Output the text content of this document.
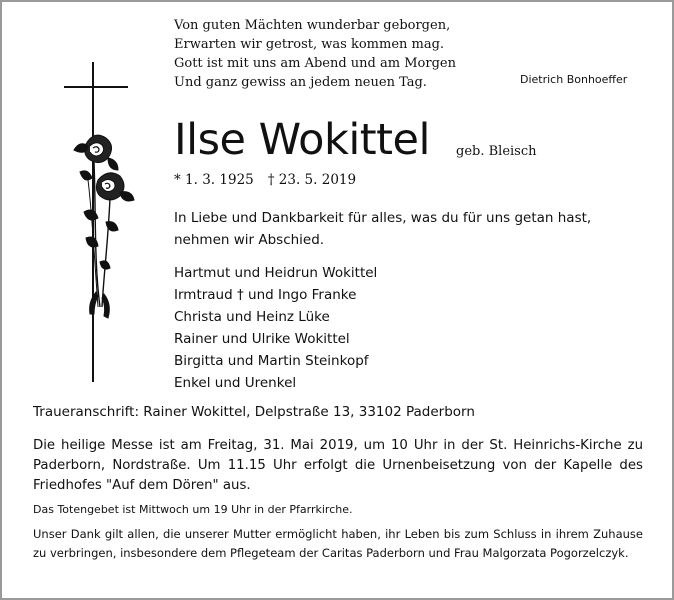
Von guten Mächten wunderbar geborgen,
Erwarten wir getrost, was kommen mag.
Gott ist mit uns am Abend und am Morgen
Und ganz gewiss an jedem neuen Tag.	Dietrich Bonhoeffer
Ilse Wokittel geb. Bleisch
* 1. 3. 1925 † 23. 5. 2019
In Liebe und Dankbarkeit für alles, was du für uns getan hast,
nehmen wir Abschied.
Hartmut und Heidrun Wokittel
Irmtraud † und Ingo Franke
Christa und Heinz Lüke
Rainer und Ulrike Wokittel
Birgitta und Martin Steinkopf
Enkel und Urenkel
Traueranschrift: Rainer Wokittel, Delpstraße 13, 33102 Paderborn
Die heilige Messe ist am Freitag, 31. Mai 2019, um 10 Uhr in der St. Heinrichs-Kirche zu Paderborn, Nordstraße. Um 11.15 Uhr erfolgt die Urnenbeisetzung von der Kapelle des Friedhofes "Auf dem Dören" aus.
Das Totengebet ist Mittwoch um 19 Uhr in der Pfarrkirche.
Unser Dank gilt allen, die unserer Mutter ermöglicht haben, ihr Leben bis zum Schluss in ihrem Zuhause zu verbringen, insbesondere dem Pflegeteam der Caritas Paderborn und Frau Malgorzata Pogorzelczyk.
